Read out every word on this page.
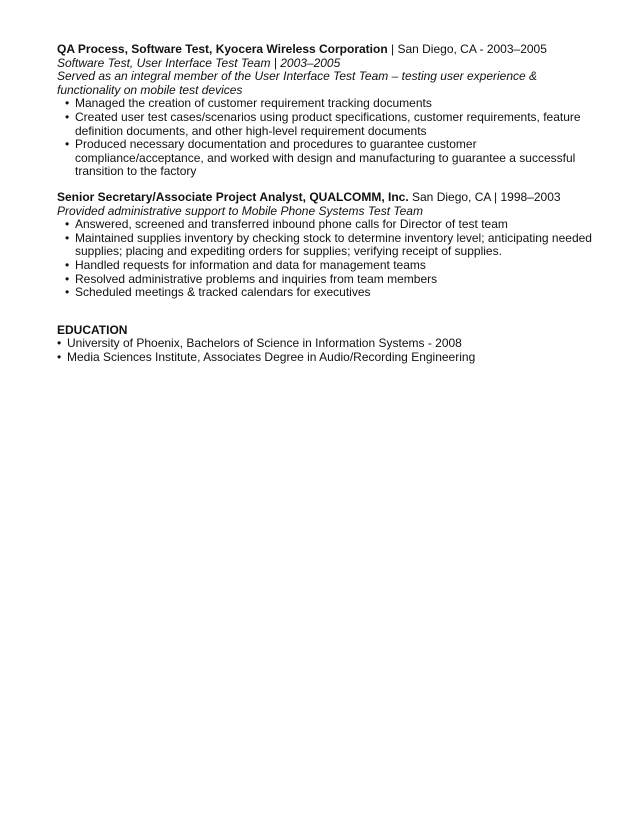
QA Process, Software Test, Kyocera Wireless Corporation | San Diego, CA - 2003–2005
Software Test, User Interface Test Team | 2003–2005
Served as an integral member of the User Interface Test Team – testing user experience & functionality on mobile test devices
• Managed the creation of customer requirement tracking documents
• Created user test cases/scenarios using product specifications, customer requirements, feature definition documents, and other high-level requirement documents
• Produced necessary documentation and procedures to guarantee customer compliance/acceptance, and worked with design and manufacturing to guarantee a successful transition to the factory
Senior Secretary/Associate Project Analyst, QUALCOMM, Inc. San Diego, CA | 1998–2003
Provided administrative support to Mobile Phone Systems Test Team
• Answered, screened and transferred inbound phone calls for Director of test team
• Maintained supplies inventory by checking stock to determine inventory level; anticipating needed supplies; placing and expediting orders for supplies; verifying receipt of supplies.
• Handled requests for information and data for management teams
• Resolved administrative problems and inquiries from team members
• Scheduled meetings & tracked calendars for executives
EDUCATION
• University of Phoenix, Bachelors of Science in Information Systems - 2008
• Media Sciences Institute, Associates Degree in Audio/Recording Engineering
